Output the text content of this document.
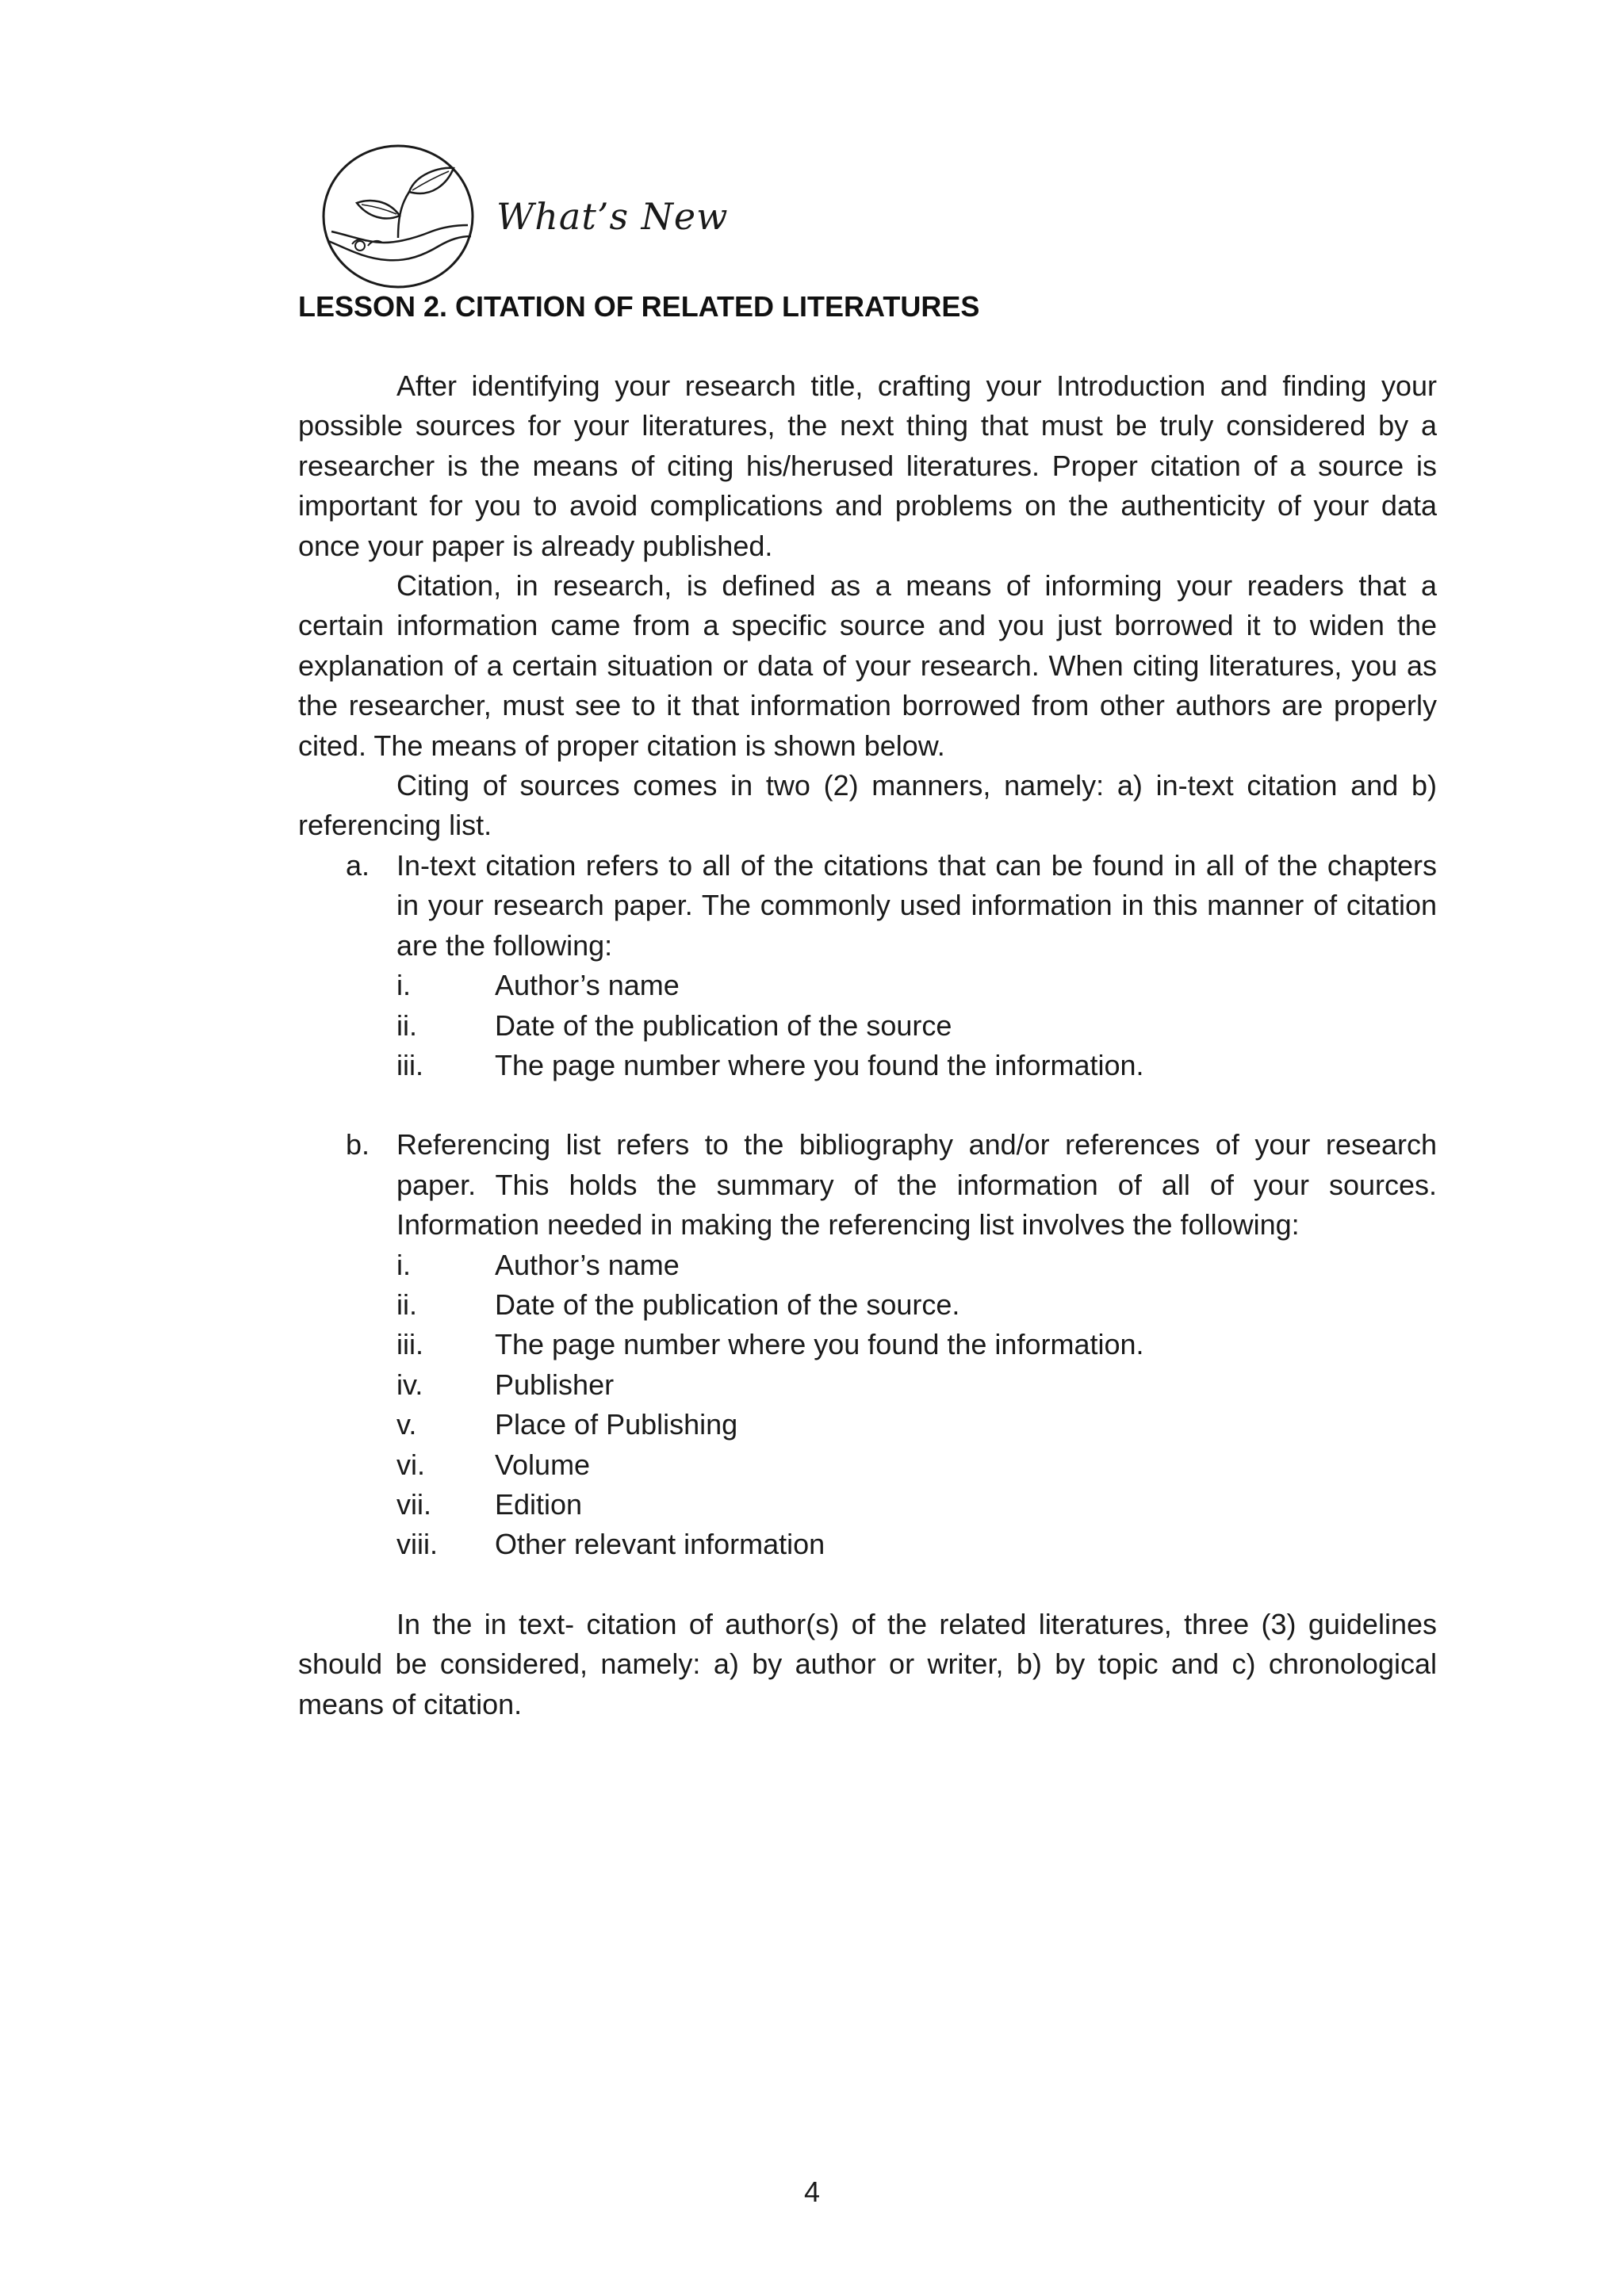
What’s New
LESSON 2. CITATION OF RELATED LITERATURES

After identifying your research title, crafting your Introduction and finding your possible sources for your literatures, the next thing that must be truly considered by a researcher is the means of citing his/herused literatures. Proper citation of a source is important for you to avoid complications and problems on the authenticity of your data once your paper is already published.

Citation, in research, is defined as a means of informing your readers that a certain information came from a specific source and you just borrowed it to widen the explanation of a certain situation or data of your research. When citing literatures, you as the researcher, must see to it that information borrowed from other authors are properly cited. The means of proper citation is shown below.

Citing of sources comes in two (2) manners, namely: a) in-text citation and b) referencing list.

a. In-text citation refers to all of the citations that can be found in all of the chapters in your research paper. The commonly used information in this manner of citation are the following:
i.	Author’s name
ii.	Date of the publication of the source
iii.	The page number where you found the information.
b. Referencing list refers to the bibliography and/or references of your research paper. This holds the summary of the information of all of your sources. Information needed in making the referencing list involves the following:
i.	Author’s name
ii.	Date of the publication of the source.
iii.	The page number where you found the information.
iv.	Publisher
v.	Place of Publishing
vi. Volume
vii. Edition
viii. Other relevant information

In the in text- citation of author(s) of the related literatures, three (3) guidelines should be considered, namely: a) by author or writer, b) by topic and c) chronological means of citation.

4
